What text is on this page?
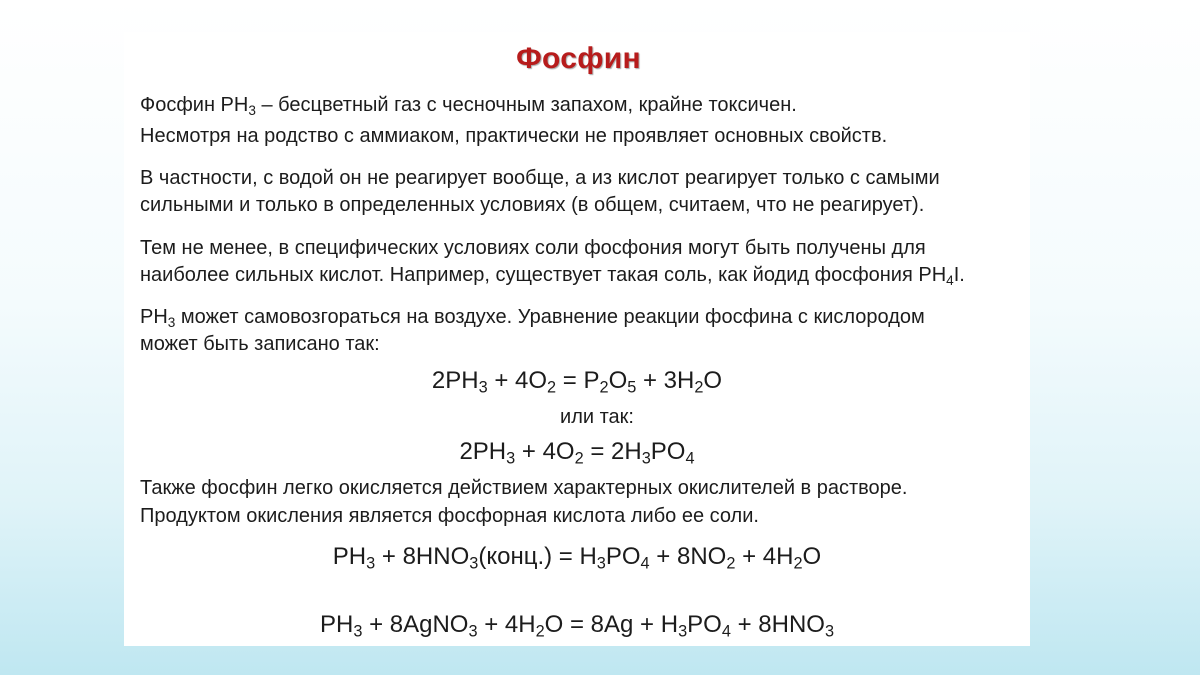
Фосфин
Фосфин $PH_3$ – бесцветный газ с чесночным запахом, крайне токсичен.
Несмотря на родство с аммиаком, практически не проявляет основных свойств.
В частности, с водой он не реагирует вообще, а из кислот реагирует только с самыми
сильными и только в определенных условиях (в общем, считаем, что не реагирует).
Тем не менее, в специфических условиях соли фосфония могут быть получены для
наиболее сильных кислот. Например, существует такая соль, как йодид фосфония $PH_4I$.
$PH_3$ может самовозгораться на воздухе. Уравнение реакции фосфина с кислородом
может быть записано так:
$2PH_3 + 4O_2 = P_2O_5 + 3H_2O$
или так:
$2PH_3 + 4O_2 = 2H_3PO_4$
Также фосфин легко окисляется действием характерных окислителей в растворе.
Продуктом окисления является фосфорная кислота либо ее соли.
$PH_3$ + $8HNO_3(конц.) = H_3PO_4 + 8NO_2 + 4H_2O$
$PH_3$ + 8AgNO$_3$ + $4H_2O = 8Ag + H_3PO_4 + 8HNO_3$
